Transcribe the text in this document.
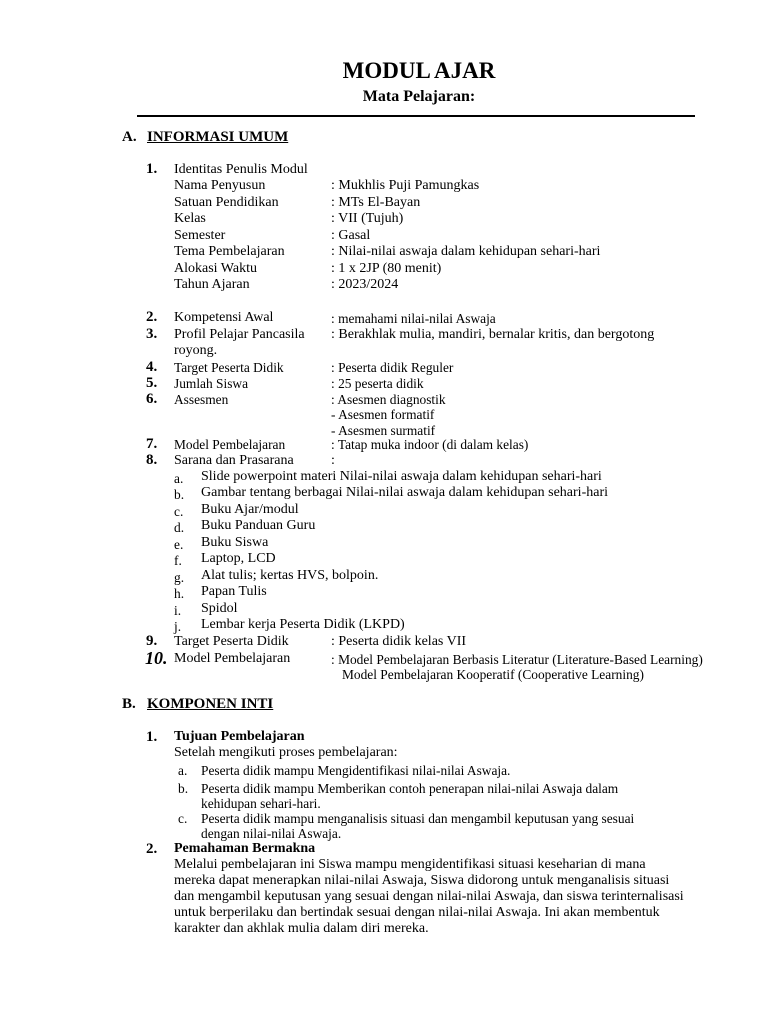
MODUL AJAR
Mata Pelajaran:
A. INFORMASI UMUM
1. Identitas Penulis Modul
Nama Penyusun	: Mukhlis Puji Pamungkas
Satuan Pendidikan	: MTs El-Bayan
Kelas	: VII (Tujuh)
Semester	: Gasal
Tema Pembelajaran	: Nilai-nilai aswaja dalam kehidupan sehari-hari
Alokasi Waktu	: 1 x 2JP (80 menit)
Tahun Ajaran	: 2023/2024
2. Kompetensi Awal	: memahami nilai-nilai Aswaja
3. Profil Pelajar Pancasila : Berakhlak mulia, mandiri, bernalar kritis, dan bergotong
royong.
4. Target Peserta Didik	: Peserta didik Reguler
5. Jumlah Siswa	: 25 peserta didik
6. Assesmen	: Asesmen diagnostik
- Asesmen formatif
- Asesmen surmatif
7. Model Pembelajaran	: Tatap muka indoor (di dalam kelas)
8. Sarana dan Prasarana	:
a. Slide powerpoint materi Nilai-nilai aswaja dalam kehidupan sehari-hari
b. Gambar tentang berbagai Nilai-nilai aswaja dalam kehidupan sehari-hari
c. Buku Ajar/modul
d. Buku Panduan Guru
e. Buku Siswa
f. Laptop, LCD
g. Alat tulis; kertas HVS, bolpoin.
h. Papan Tulis
i. Spidol
j. Lembar kerja Peserta Didik (LKPD)
9. Target Peserta Didik	: Peserta didik kelas VII
10. Model Pembelajaran	: Model Pembelajaran Berbasis Literatur (Literature-Based Learning)
Model Pembelajaran Kooperatif (Cooperative Learning)
B. KOMPONEN INTI
1. Tujuan Pembelajaran
Setelah mengikuti proses pembelajaran:
a. Peserta didik mampu Mengidentifikasi nilai-nilai Aswaja.
b. Peserta didik mampu Memberikan contoh penerapan nilai-nilai Aswaja dalam
kehidupan sehari-hari.
c. Peserta didik mampu menganalisis situasi dan mengambil keputusan yang sesuai
dengan nilai-nilai Aswaja.
2. Pemahaman Bermakna
Melalui pembelajaran ini Siswa mampu mengidentifikasi situasi keseharian di mana
mereka dapat menerapkan nilai-nilai Aswaja, Siswa didorong untuk menganalisis situasi
dan mengambil keputusan yang sesuai dengan nilai-nilai Aswaja, dan siswa terinternalisasi
untuk berperilaku dan bertindak sesuai dengan nilai-nilai Aswaja. Ini akan membentuk
karakter dan akhlak mulia dalam diri mereka.
